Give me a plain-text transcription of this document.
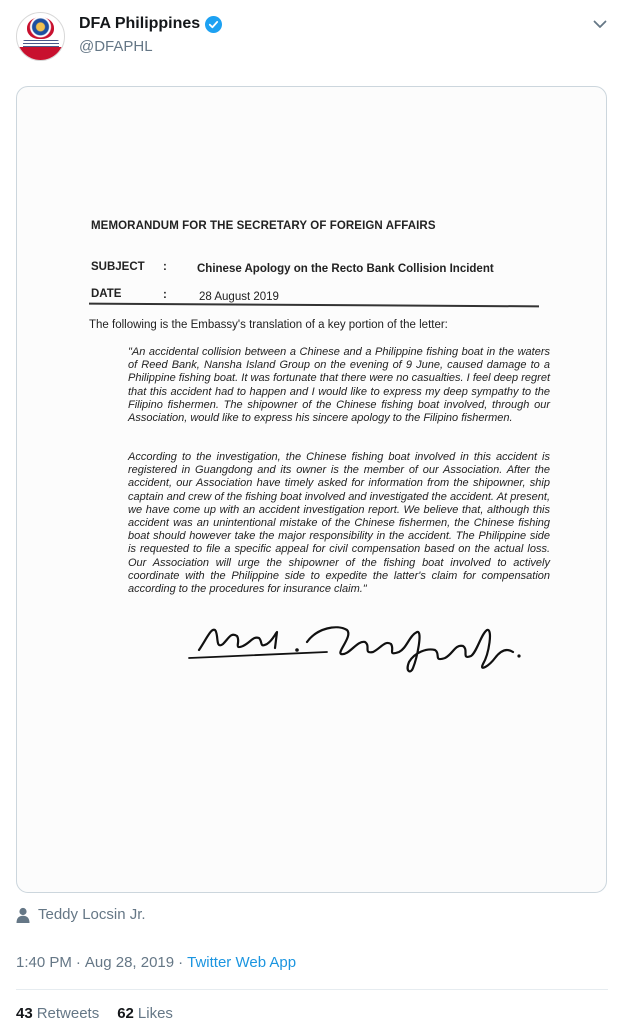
DFA Philippines
@DFAPHL
MEMORANDUM FOR THE SECRETARY OF FOREIGN AFFAIRS
SUBJECT :	Chinese Apology on the Recto Bank Collision Incident
DATE	:	28 August 2019
The following is the Embassy's translation of a key portion of the letter:

"An accidental collision between a Chinese and a Philippine fishing boat in the waters of Reed Bank, Nansha Island Group on the evening of 9 June, caused damage to a Philippine fishing boat. It was fortunate that there were no casualties. I feel deep regret that this accident had to happen and I would like to express my deep sympathy to the Filipino fishermen. The shipowner of the Chinese fishing boat involved, through our Association, would like to express his sincere apology to the Filipino fishermen.

According to the investigation, the Chinese fishing boat involved in this accident is registered in Guangdong and its owner is the member of our Association. After the accident, our Association have timely asked for information from the shipowner, ship captain and crew of the fishing boat involved and investigated the accident. At present, we have come up with an accident investigation report. We believe that, although this accident was an unintentional mistake of the Chinese fishermen, the Chinese fishing boat should however take the major responsibility in the accident. The Philippine side is requested to file a specific appeal for civil compensation based on the actual loss. Our Association will urge the shipowner of the fishing boat involved to actively coordinate with the Philippine side to expedite the latter's claim for compensation according to the procedures for insurance claim."

Noted! Teddy Locsin Jr.
Teddy Locsin Jr.
1:40 PM · Aug 28, 2019 · Twitter Web App
43 Retweets 62 Likes
